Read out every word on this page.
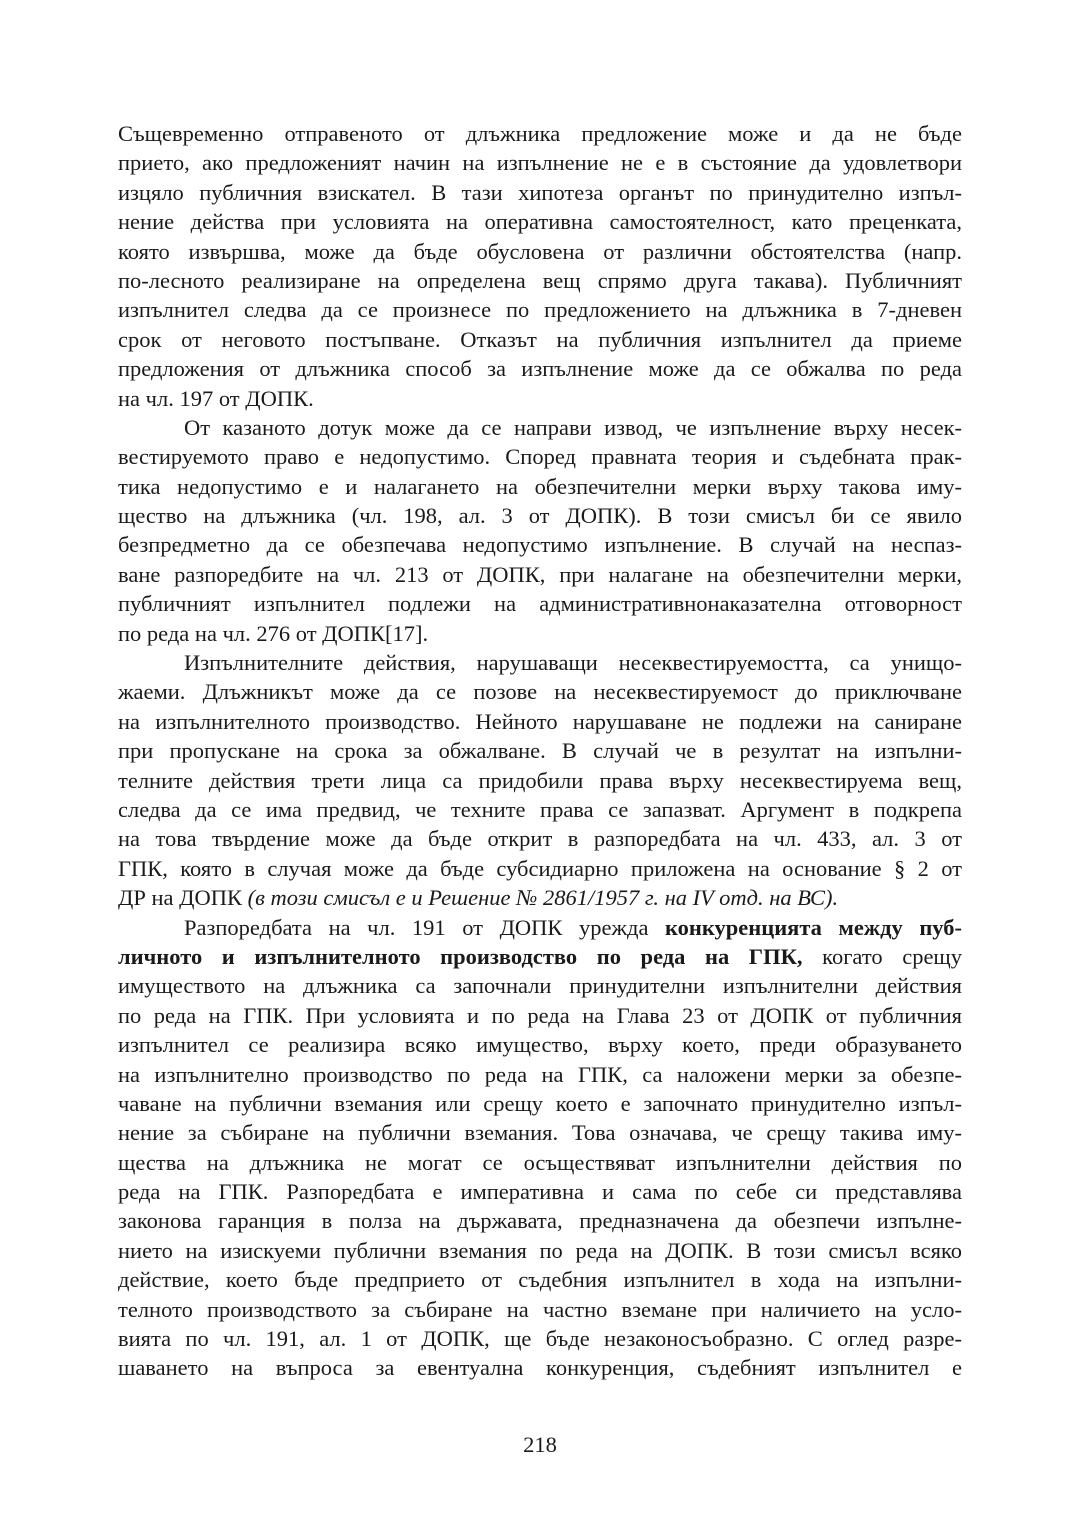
Същевременно отправеното от длъжника предложение може и да не бъде
прието, ако предложеният начин на изпълнение не е в състояние да удовлетвори
изцяло публичния взискател. В тази хипотеза органът по принудително изпъл-
нение действа при условията на оперативна самостоятелност, като преценката,
която извършва, може да бъде обусловена от различни обстоятелства (напр.
по-лесното реализиране на определена вещ спрямо друга такава). Публичният
изпълнител следва да се произнесе по предложението на длъжника в 7-дневен
срок от неговото постъпване. Отказът на публичния изпълнител да приеме
предложения от длъжника способ за изпълнение може да се обжалва по реда
на чл. 197 от ДОПК.
От казаното дотук може да се направи извод, че изпълнение върху несек-
вестируемото право е недопустимо. Според правната теория и съдебната прак-
тика недопустимо е и налагането на обезпечителни мерки върху такова иму-
щество на длъжника (чл. 198, ал. 3 от ДОПК). В този смисъл би се явило
безпредметно да се обезпечава недопустимо изпълнение. В случай на неспаз-
ване разпоредбите на чл. 213 от ДОПК, при налагане на обезпечителни мерки,
публичният изпълнител подлежи на административнонаказателна отговорност
по реда на чл. 276 от ДОПК[17].
Изпълнителните действия, нарушаващи несеквестируемостта, са унищо-
жаеми. Длъжникът може да се позове на несеквестируемост до приключване
на изпълнителното производство. Нейното нарушаване не подлежи на саниране
при пропускане на срока за обжалване. В случай че в резултат на изпълни-
телните действия трети лица са придобили права върху несеквестируема вещ,
следва да се има предвид, че техните права се запазват. Аргумент в подкрепа
на това твърдение може да бъде открит в разпоредбата на чл. 433, ал. 3 от
ГПК, която в случая може да бъде субсидиарно приложена на основание § 2 от
ДР на ДОПК (в този смисъл е и Решение № 2861/1957 г. на IV отд. на ВС).
Разпоредбата на чл. 191 от ДОПК урежда конкуренцията между пуб-
личното и изпълнителното производство по реда на ГПК, когато срещу
имуществото на длъжника са започнали принудителни изпълнителни действия
по реда на ГПК. При условията и по реда на Глава 23 от ДОПК от публичния
изпълнител се реализира всяко имущество, върху което, преди образуването
на изпълнително производство по реда на ГПК, са наложени мерки за обезпе-
чаване на публични вземания или срещу което е започнато принудително изпъл-
нение за събиране на публични вземания. Това означава, че срещу такива иму-
щества на длъжника не могат се осъществяват изпълнителни действия по
реда на ГПК. Разпоредбата е императивна и сама по себе си представлява
законова гаранция в полза на държавата, предназначена да обезпечи изпълне-
нието на изискуеми публични вземания по реда на ДОПК. В този смисъл всяко
действие, което бъде предприето от съдебния изпълнител в хода на изпълни-
телното производството за събиране на частно вземане при наличието на усло-
вията по чл. 191, ал. 1 от ДОПК, ще бъде незаконосъобразно. С оглед разре-
шаването на въпроса за евентуална конкуренция, съдебният изпълнител е
218
